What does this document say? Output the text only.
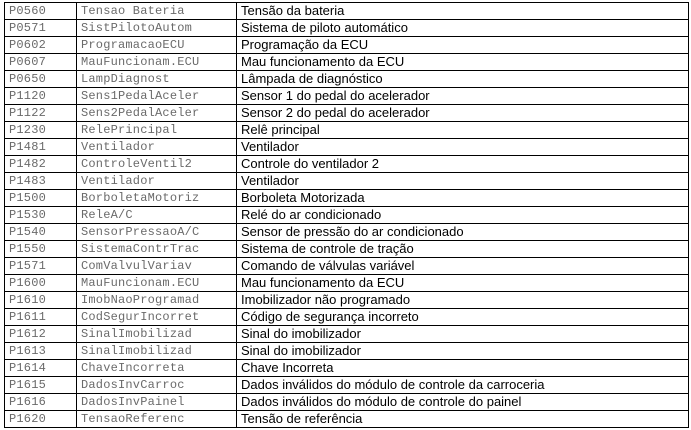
P0560	Tensao Bateria	Tensão da bateria
P0571	SistPilotoAutom	Sistema de piloto automático
P0602	ProgramacaoECU	Programação da ECU
P0607	MauFuncionam.ECU	Mau funcionamento da ECU
P0650	LampDiagnost	Lâmpada de diagnóstico
P1120	Sens1PedalAceler	Sensor 1 do pedal do acelerador
P1122	Sens2PedalAceler	Sensor 2 do pedal do acelerador
P1230	RelePrincipal	Relê principal
P1481	Ventilador	Ventilador
P1482	ControleVentil2	Controle do ventilador 2
P1483	Ventilador	Ventilador
P1500	BorboletaMotoriz	Borboleta Motorizada
P1530	ReleA/C	Relé do ar condicionado
P1540	SensorPressaoA/C	Sensor de pressão do ar condicionado
P1550	SistemaContrTrac	Sistema de controle de tração
P1571	ComValvulVariav	Comando de válvulas variável
P1600	MauFuncionam.ECU	Mau funcionamento da ECU
P1610	ImobNaoProgramad	Imobilizador não programado
P1611	CodSegurIncorret	Código de segurança incorreto
P1612	SinalImobilizad	Sinal do imobilizador
P1613	SinalImobilizad	Sinal do imobilizador
P1614	ChaveIncorreta	Chave Incorreta
P1615	DadosInvCarroc	Dados inválidos do módulo de controle da carroceria
P1616	DadosInvPainel	Dados inválidos do módulo de controle do painel
P1620	TensaoReferenc	Tensão de referência
